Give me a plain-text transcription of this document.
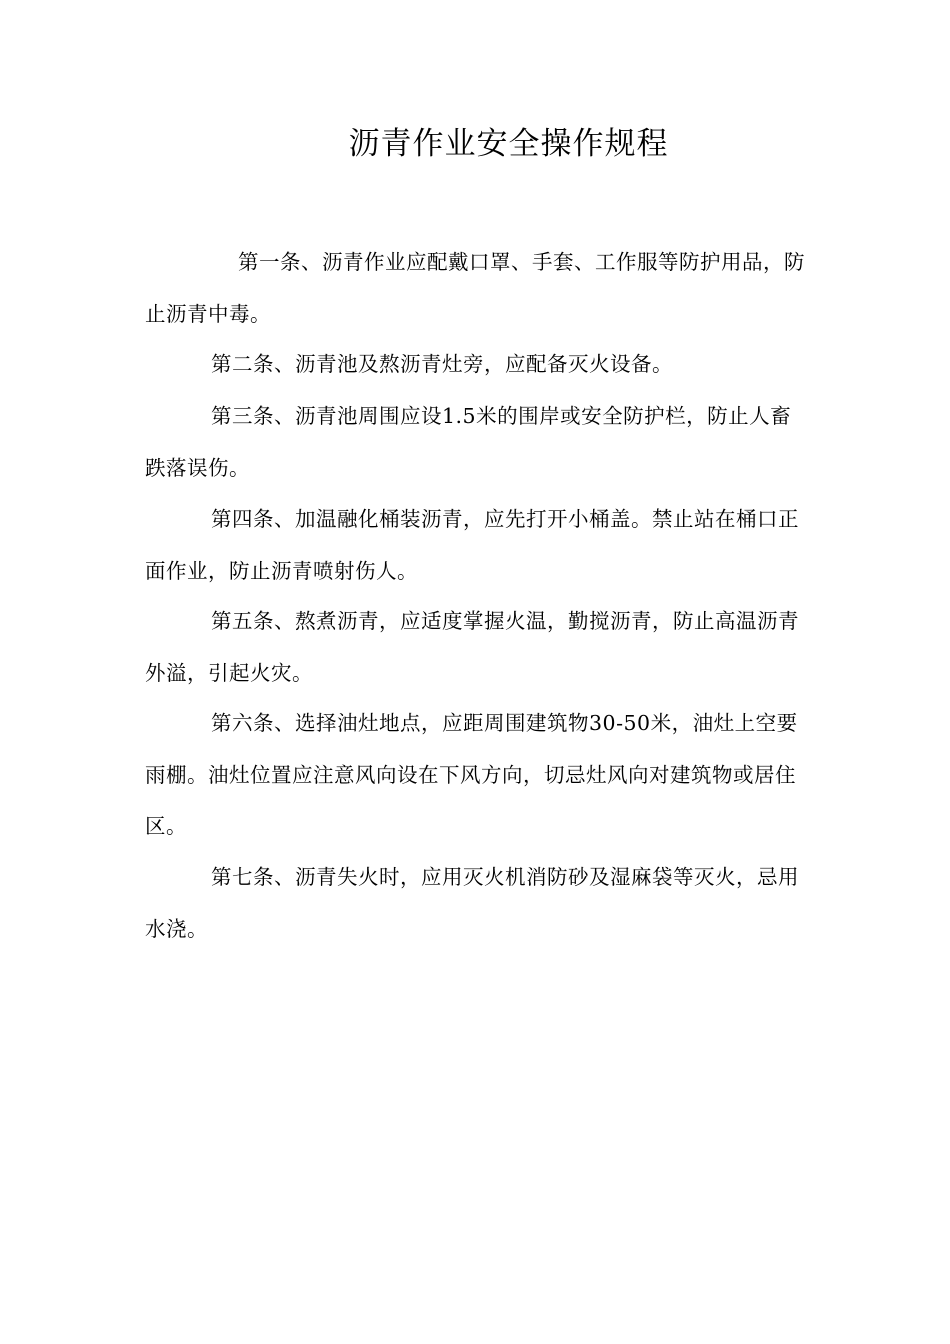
沥青作业安全操作规程

第一条、沥青作业应配戴口罩、手套、工作服等防护用品，防止沥青中毒。

第二条、沥青池及熬沥青灶旁，应配备灭火设备。

第三条、沥青池周围应设1.5米的围岸或安全防护栏，防止人畜跌落误伤。

第四条、加温融化桶装沥青，应先打开小桶盖。禁止站在桶口正面作业，防止沥青喷射伤人。

第五条、熬煮沥青，应适度掌握火温，勤搅沥青，防止高温沥青外溢，引起火灾。

第六条、选择油灶地点，应距周围建筑物30-50米，油灶上空要雨棚。油灶位置应注意风向设在下风方向，切忌灶风向对建筑物或居住区。

第七条、沥青失火时，应用灭火机消防砂及湿麻袋等灭火，忌用水浇。
